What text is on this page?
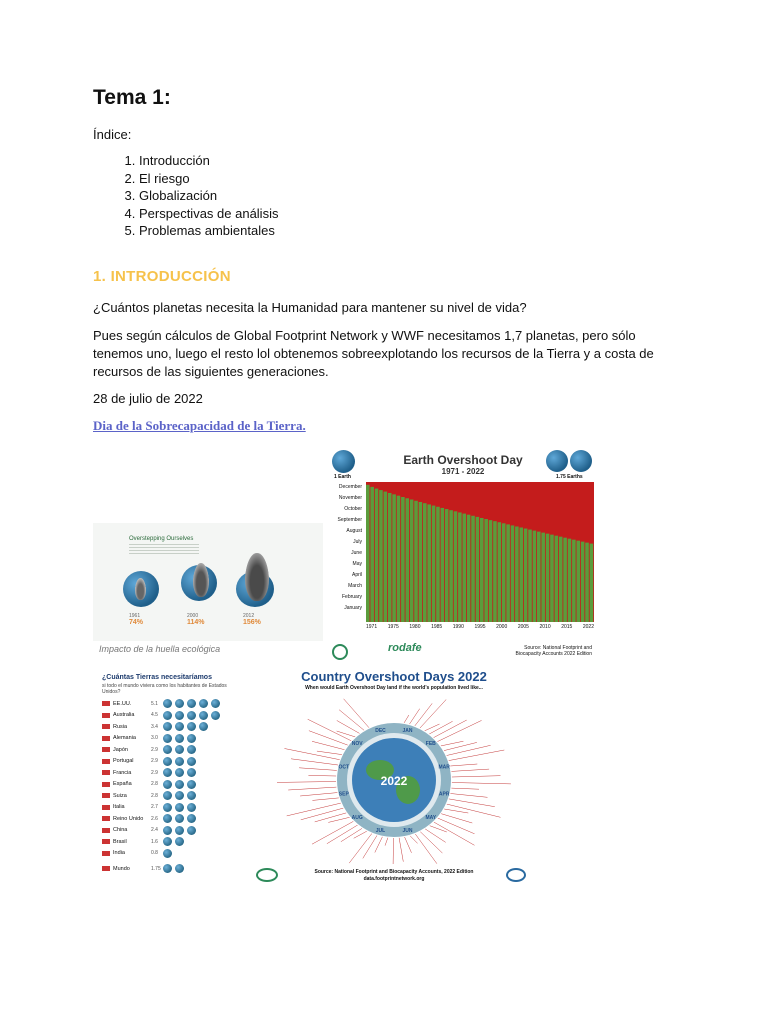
Tema 1:
Índice:
1. Introducción
2. El riesgo
3. Globalización
4. Perspectivas de análisis
5. Problemas ambientales
1. INTRODUCCIÓN
¿Cuántos planetas necesita la Humanidad para mantener su nivel de vida?
Pues según cálculos de Global Footprint Network y WWF necesitamos 1,7 planetas, pero sólo tenemos uno, luego el resto lol obtenemos sobreexplotando los recursos de la Tierra y a costa de recursos de las siguientes generaciones.
28 de julio de 2022
Dia de la Sobrecapacidad de la Tierra.
Overstepping Ourselves
1961
74%
2000
114%
2012
156%
Impacto de la huella ecológica
Earth Overshoot Day
1971 - 2022
1 Earth	1.75 Earths
December
November
October
September
August
July
June
May
April
March
February
January
1971 1975 1980 1985 1990 1995 2000 2005 2010 2015 2022
rodafe	Source: National Footprint and Biocapacity Accounts 2022 Edition
¿Cuántas Tierras necesitaríamos
si todo el mundo viviera como los habitantes de Estados Unidos?
EE.UU.	5.1
Australia	4.5
Rusia	3.4
Alemania	3.0
Japón	2.9
Portugal	2.9
Francia	2.9
España	2.8
Suiza	2.8
Italia	2.7
Reino Unido	2.6
China	2.4
Brasil	1.6
India	0.8
Mundo	1.75
Country Overshoot Days 2022
When would Earth Overshoot Day land if the world's population lived like...
2022
JAN
FEB
MAR
APR
MAY
JUN
JUL
AUG
SEP
OCT
NOV
DEC
Source: National Footprint and Biocapacity Accounts, 2022 Edition
data.footprintnetwork.org
